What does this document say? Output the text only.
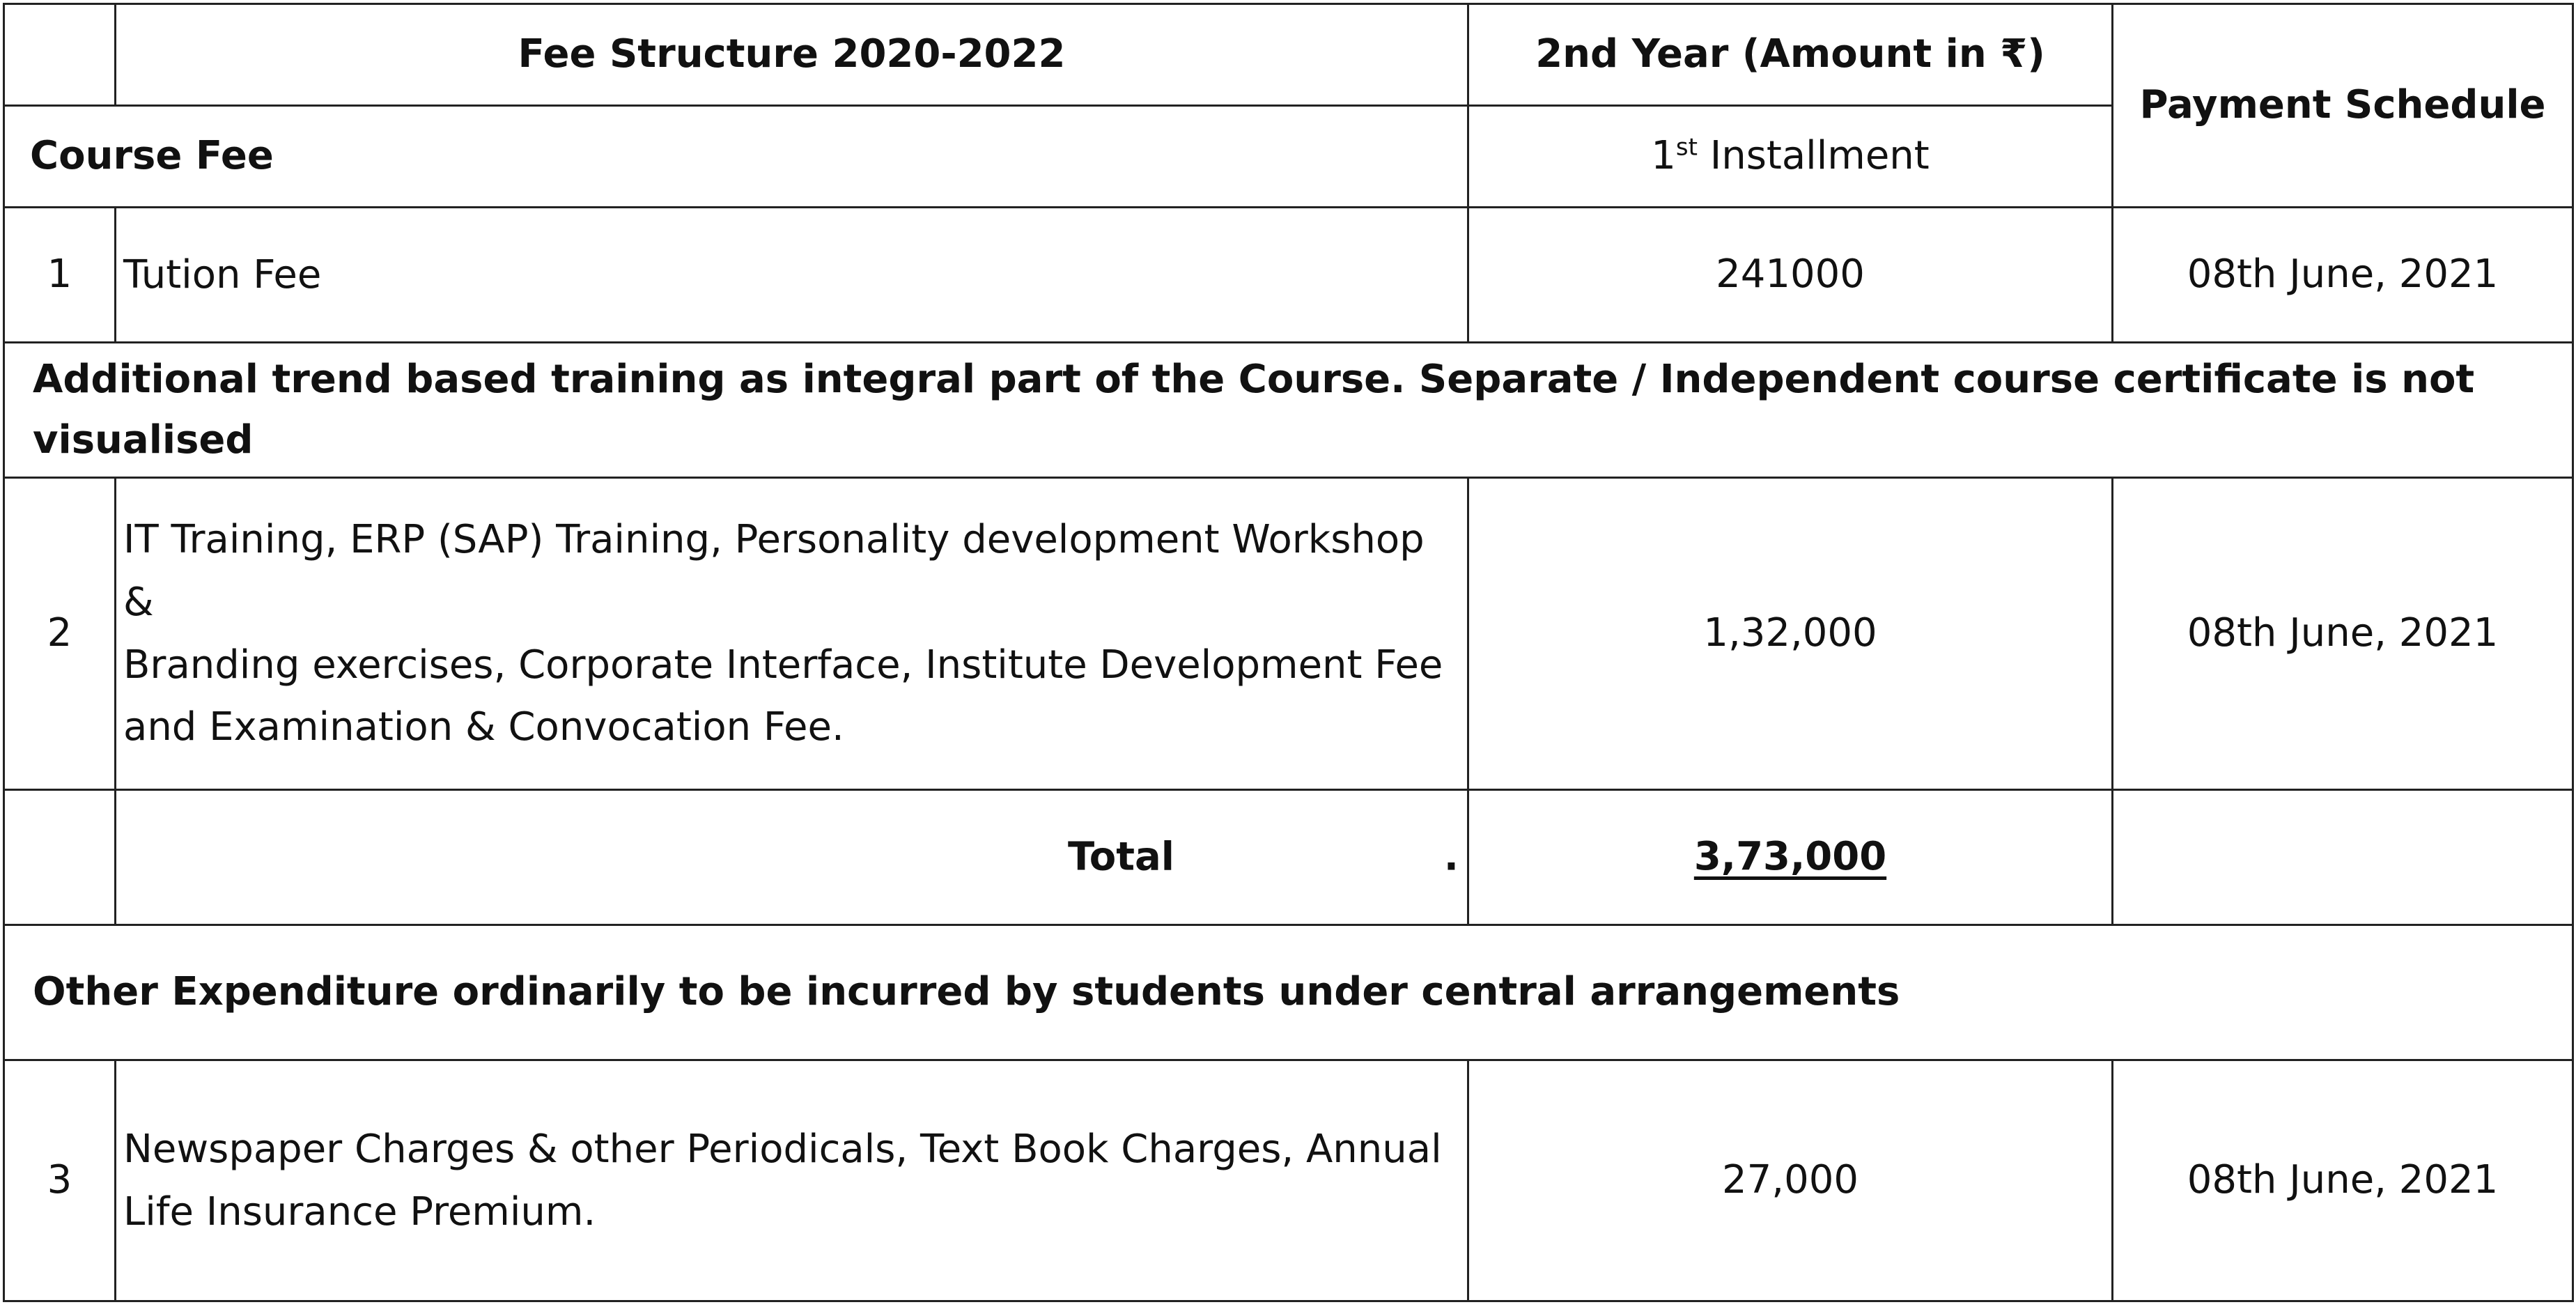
	Fee Structure 2020-2022	2nd Year (Amount in ₹)	Payment Schedule
Course Fee		1st Installment	
1	Tution Fee	241000	08th June, 2021
Additional trend based training as integral part of the Course. Separate / Independent course certificate is not visualised			
2	IT Training, ERP (SAP) Training, Personality development Workshop &
Branding exercises, Corporate Interface, Institute Development Fee
and Examination & Convocation Fee.	1,32,000	08th June, 2021

	Total .	3,73,000	
Other Expenditure ordinarily to be incurred by students under central arrangements			
3	Newspaper Charges & other Periodicals, Text Book Charges, Annual
Life Insurance Premium.	27,000	08th June, 2021
